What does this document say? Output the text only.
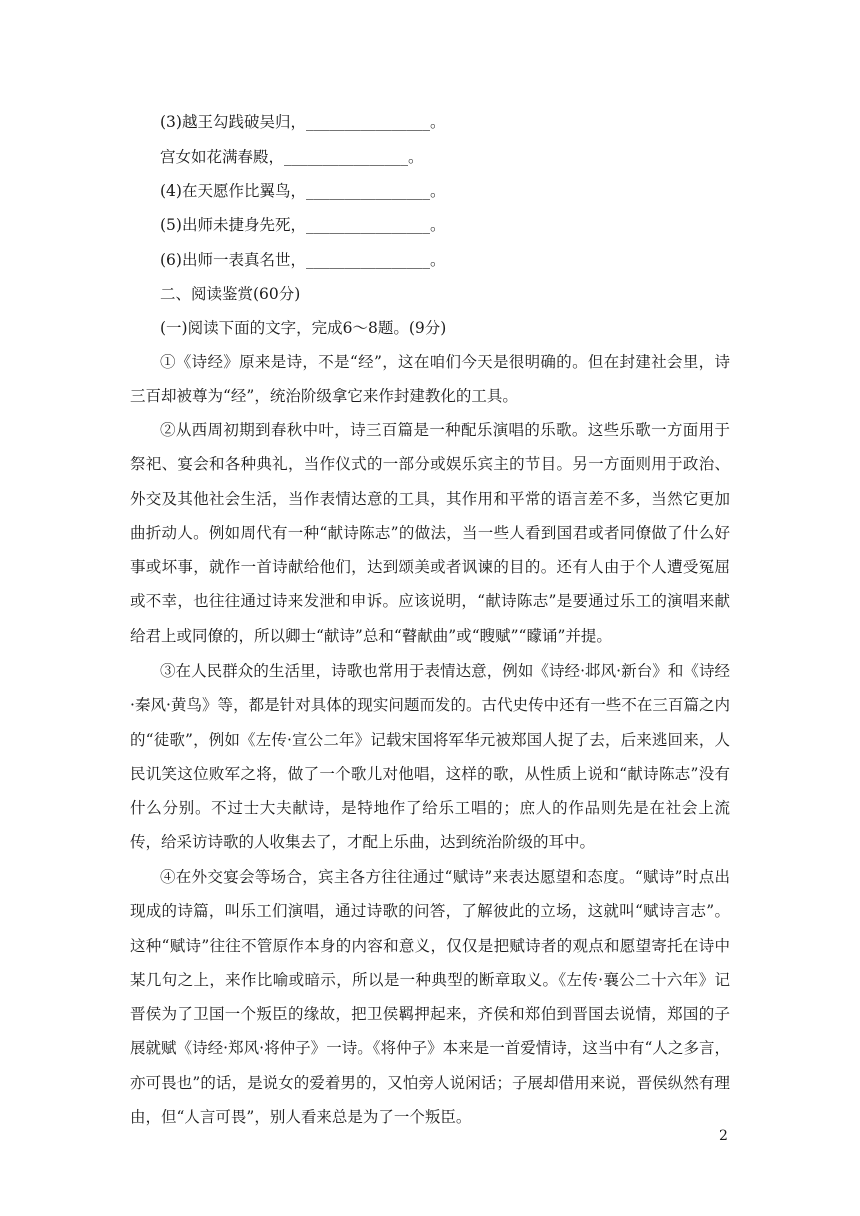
(3)越王勾践破吴归，________________。
宫女如花满春殿，________________。
(4)在天愿作比翼鸟，________________。
(5)出师未捷身先死，________________。
(6)出师一表真名世，________________。
二、阅读鉴赏(60分)
(一)阅读下面的文字，完成6～8题。(9分)
①《诗经》原来是诗，不是“经”，这在咱们今天是很明确的。但在封建社会里，诗三百却被尊为“经”，统治阶级拿它来作封建教化的工具。
②从西周初期到春秋中叶，诗三百篇是一种配乐演唱的乐歌。这些乐歌一方面用于祭祀、宴会和各种典礼，当作仪式的一部分或娱乐宾主的节目。另一方面则用于政治、外交及其他社会生活，当作表情达意的工具，其作用和平常的语言差不多，当然它更加曲折动人。例如周代有一种“献诗陈志”的做法，当一些人看到国君或者同僚做了什么好事或坏事，就作一首诗献给他们，达到颂美或者讽谏的目的。还有人由于个人遭受冤屈或不幸，也往往通过诗来发泄和申诉。应该说明，“献诗陈志”是要通过乐工的演唱来献给君上或同僚的，所以卿士“献诗”总和“瞽献曲”或“瞍赋”“矇诵”并提。
③在人民群众的生活里，诗歌也常用于表情达意，例如《诗经·邶风·新台》和《诗经·秦风·黄鸟》等，都是针对具体的现实问题而发的。古代史传中还有一些不在三百篇之内的“徒歌”，例如《左传·宣公二年》记载宋国将军华元被郑国人捉了去，后来逃回来，人民讥笑这位败军之将，做了一个歌儿对他唱，这样的歌，从性质上说和“献诗陈志”没有什么分别。不过士大夫献诗，是特地作了给乐工唱的；庶人的作品则先是在社会上流传，给采访诗歌的人收集去了，才配上乐曲，达到统治阶级的耳中。
④在外交宴会等场合，宾主各方往往通过“赋诗”来表达愿望和态度。“赋诗”时点出现成的诗篇，叫乐工们演唱，通过诗歌的问答，了解彼此的立场，这就叫“赋诗言志”。这种“赋诗”往往不管原作本身的内容和意义，仅仅是把赋诗者的观点和愿望寄托在诗中某几句之上，来作比喻或暗示，所以是一种典型的断章取义。《左传·襄公二十六年》记晋侯为了卫国一个叛臣的缘故，把卫侯羁押起来，齐侯和郑伯到晋国去说情，郑国的子展就赋《诗经·郑风·将仲子》一诗。《将仲子》本来是一首爱情诗，这当中有“人之多言，亦可畏也”的话，是说女的爱着男的，又怕旁人说闲话；子展却借用来说，晋侯纵然有理由，但“人言可畏”，别人看来总是为了一个叛臣。
2
